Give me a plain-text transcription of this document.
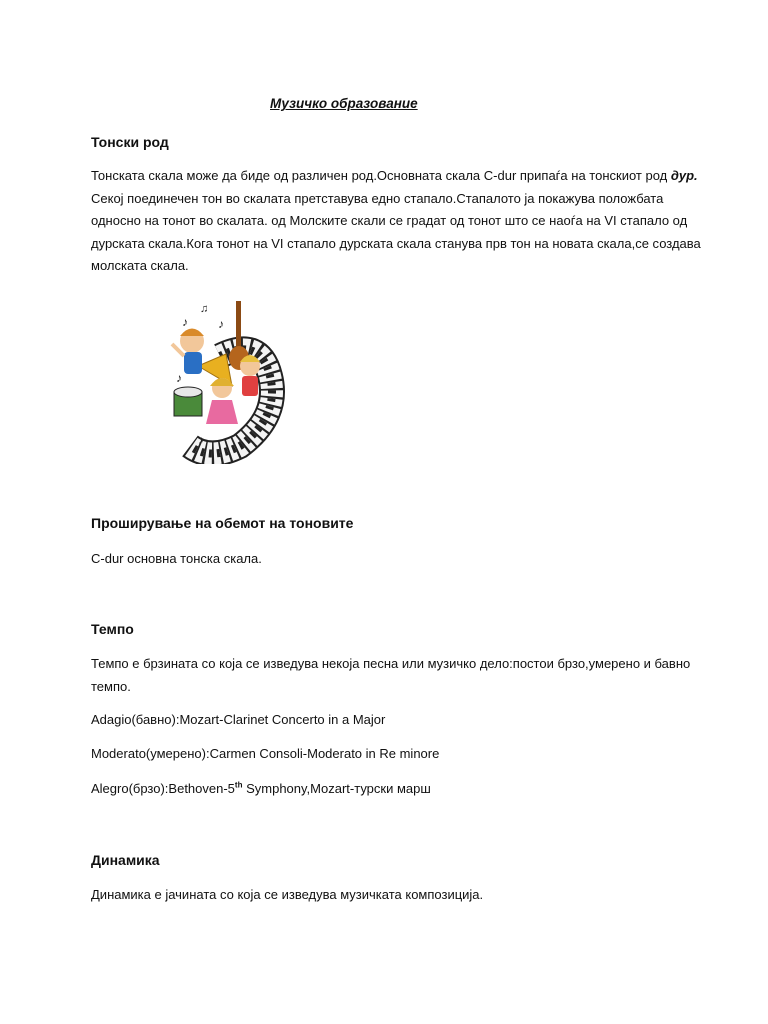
Музичко образование
Тонски род
Тонската скала може да биде од различен род.Основната скала C-dur припаѓа на тонскиот род дур. Секој поединечен тон во скалата претставува едно стапало.Стапалото ја покажува положбата односно на тонот во скалата. од Молските скали се градат од тонот што се наоѓа на VI стапало од дурската скала.Кога тонот на VI стапало дурската скала станува прв тон на новата скала,се создава молската скала.
♪
♫
♪
♪
♪
Проширување на обемот на тоновите
C-dur основна тонска скала.
Темпо
Темпо е брзината со која се изведува некоја песна или музичко дело:постои брзо,умерено и бавно темпо.
Adagio(бавно):Mozart-Clarinet Concerto in a Major
Moderato(умерено):Carmen Consoli-Moderato in Re minore
Alegro(брзо):Bethoven-5th Symphony,Mozart-турски марш
Динамика
Динамика е јачината со која се изведува музичката композиција.
